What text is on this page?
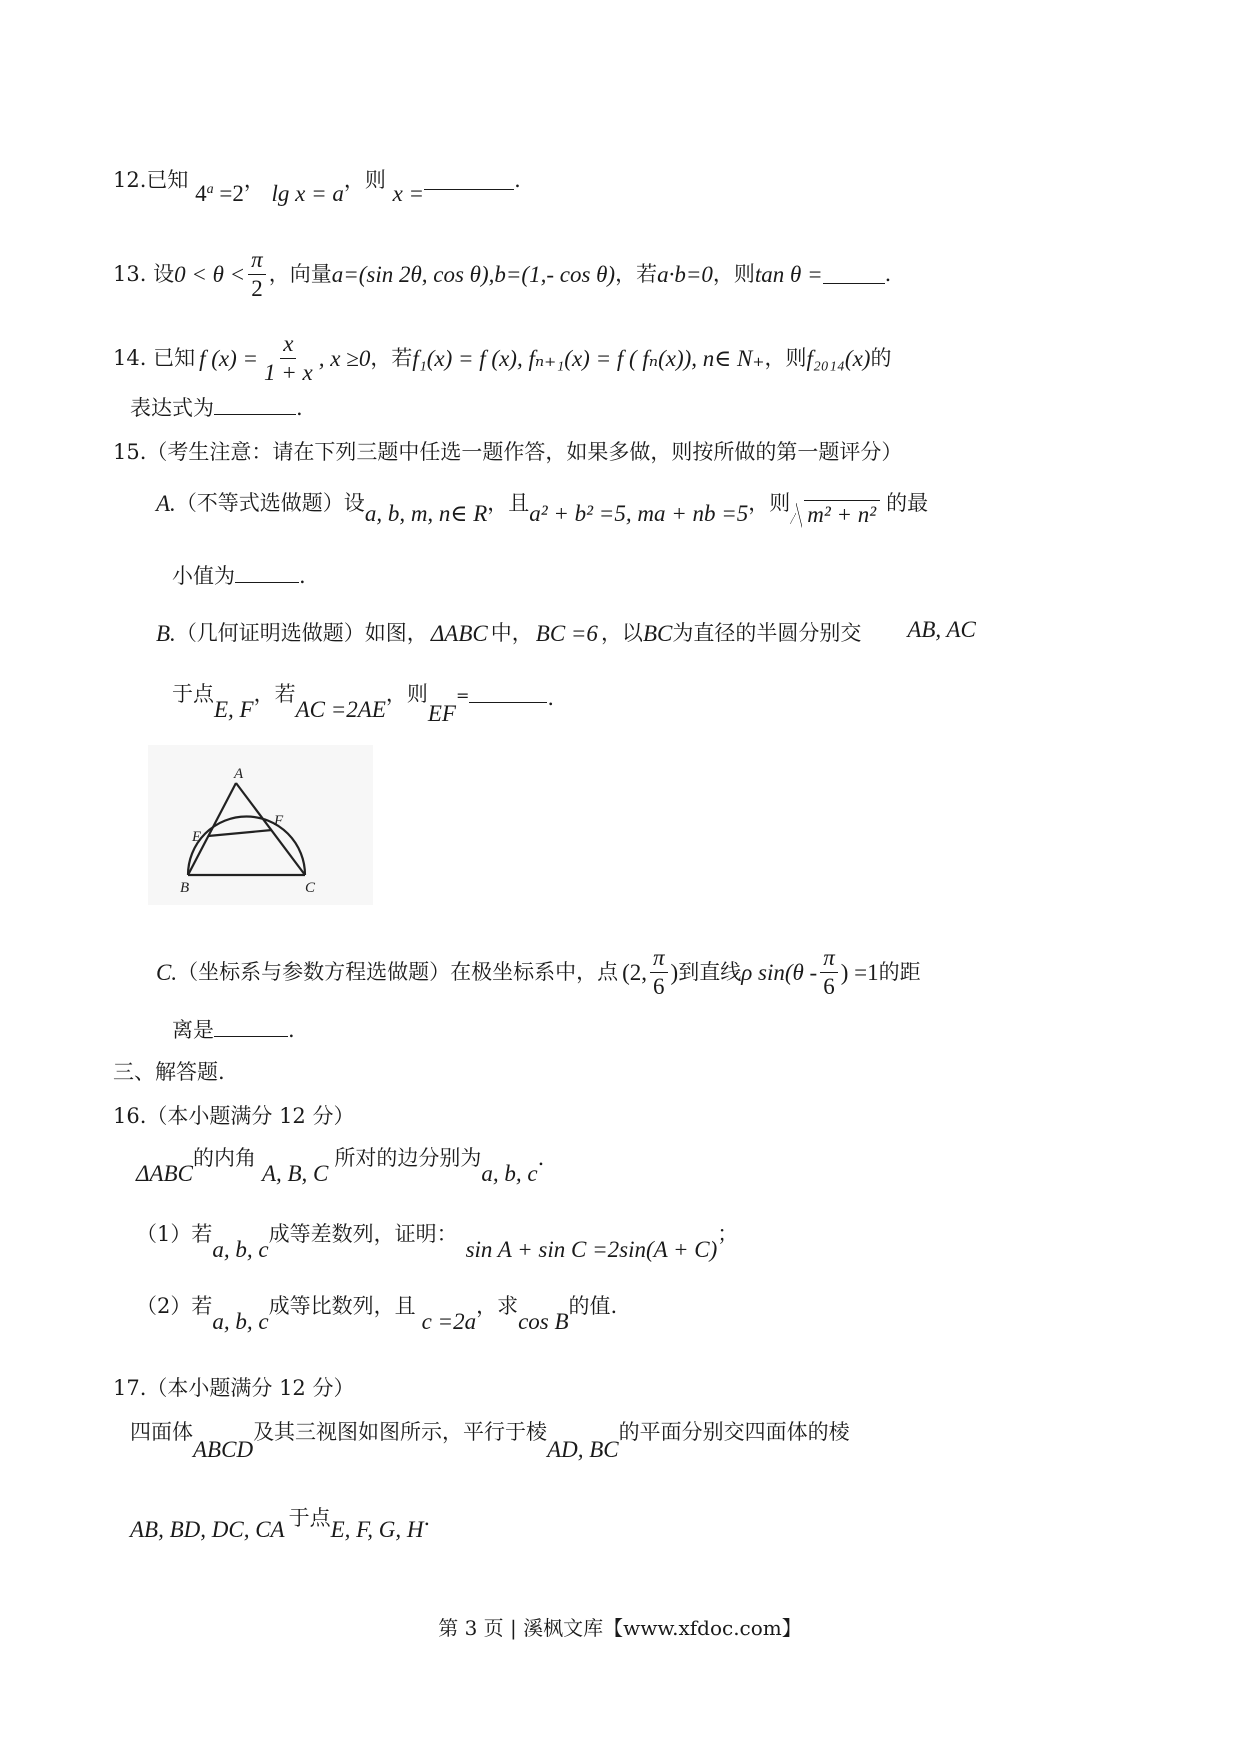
12.已知 $4^a =2$， lg x = a，则 x =.
13. 设 $0 < \theta < \frac{\pi}{2}$ ，向量 a =(sin 2θ, cos θ), b =(1,- cos θ) ，若 a · b =0 ，则 tan θ =	.
14. 已知 f $(x) = \frac{x}{1 + x}$ , x ≥0 ，若 f₁(x) = f (x), fₙ₊₁(x) = f ( fₙ(x)), n∈ N₊ ，则 f₂₀₁₄(x) 的
表达式为	.
15.（考生注意：请在下列三题中任选一题作答，如果多做，则按所做的第一题评分）
A. （不等式选做题）设 a, b, m, n∈ R ，且 a² + b² =5, ma + nb =5 ，则 m² + n² 的最
小值为	.
B. （几何证明选做题）如图， ΔABC 中， BC =6 ，以 BC 为直径的半圆分别交 AB, AC
于点
E, F
，若
AC =2AE
，则
EF
=	.
A
B	C
E
F
C. （坐标系与参数方程选做题）在极坐标系中，点 (2, $\frac{\pi}{6}$ ) 到直线 ρ $\sin(\theta - \frac{\pi}{6}$ ) =1 的距
离是	.
三、解答题.
16.（本小题满分 12 分）
ΔABC
的内角
A, B, C
所对的边分别为
a, b, c
.
（1）若
a, b, c
成等差数列，证明：
sin A + sin C =2sin(A + C)
；
（2）若
a, b, c
成等比数列，且
c =2a
，求
cos B
的值.
17.（本小题满分 12 分）
四面体
ABCD
及其三视图如图所示，平行于棱
AD, BC
的平面分别交四面体的棱
AB, BD, DC, CA 于点 E, F, G, H .
第 3 页 | 溪枫文库【www.xfdoc.com】
